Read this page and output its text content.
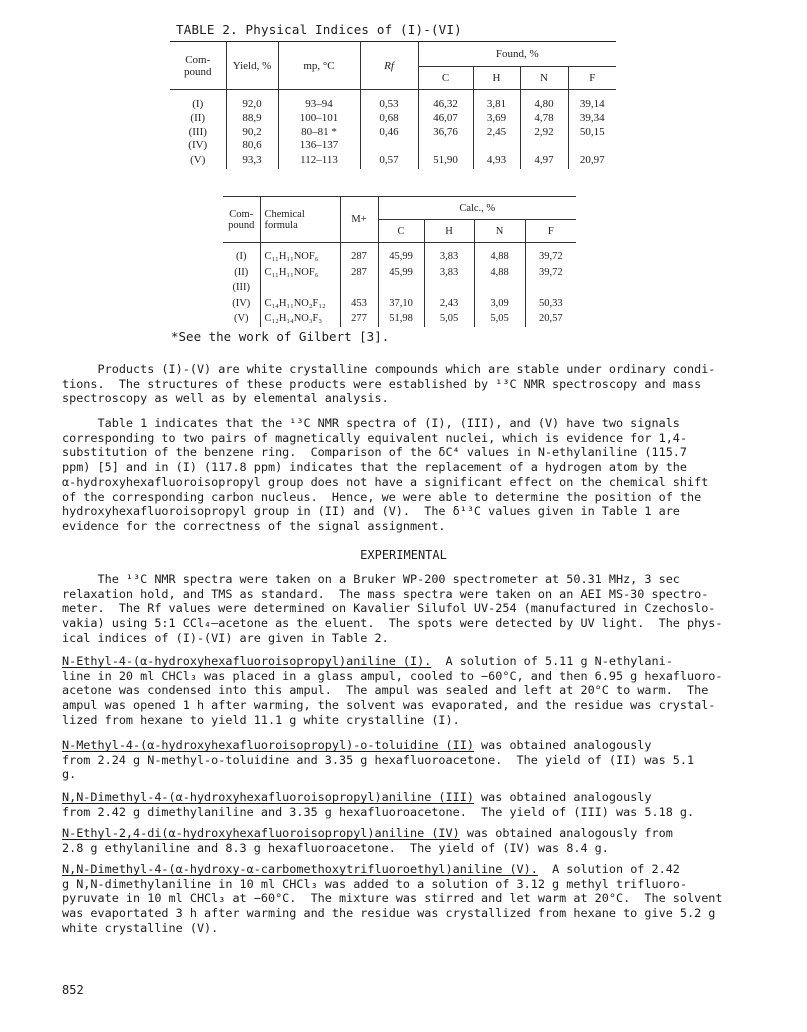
TABLE 2. Physical Indices of (I)-(VI)
Com-
pound	Yield, %	mp, °C	Rf	Found, %			
				C	H	N	F

(I)	92,0	93–94	0,53	46,32	3,81	4,80	39,14
(II)	88,9	100–101	0,68	46,07	3,69	4,78	39,34
(III)	90,2	80–81 *	0,46	36,76	2,45	2,92	50,15
(IV)	80,6	136–137					
(V)	93,3	112–113	0,57	51,90	4,93	4,97	20,97
Com-
pound	Chemical
formula	M+	Calc., %			
			C	H	N	F

(I)	C₁₁H₁₁NOF₆	287	45,99	3,83	4,88	39,72
(II)	C₁₁H₁₁NOF₆	287	45,99	3,83	4,88	39,72
(III)						
(IV)	C₁₄H₁₁NO₂F₁₂	453	37,10	2,43	3,09	50,33
(V)	C₁₂H₁₄NO₃F₃	277	51,98	5,05	5,05	20,57
*See the work of Gilbert [3].

Products (I)-(V) are white crystalline compounds which are stable under ordinary condi-
tions.  The structures of these products were established by ¹³C NMR spectroscopy and mass
spectroscopy as well as by elemental analysis.

Table 1 indicates that the ¹³C NMR spectra of (I), (III), and (V) have two signals
corresponding to two pairs of magnetically equivalent nuclei, which is evidence for 1,4-
substitution of the benzene ring.  Comparison of the δC⁴ values in N-ethylaniline (115.7
ppm) [5] and in (I) (117.8 ppm) indicates that the replacement of a hydrogen atom by the
α-hydroxyhexafluoroisopropyl group does not have a significant effect on the chemical shift
of the corresponding carbon nucleus.  Hence, we were able to determine the position of the
hydroxyhexafluoroisopropyl group in (II) and (V).  The δ¹³C values given in Table 1 are
evidence for the correctness of the signal assignment.

EXPERIMENTAL

The ¹³C NMR spectra were taken on a Bruker WP-200 spectrometer at 50.31 MHz, 3 sec
relaxation hold, and TMS as standard.  The mass spectra were taken on an AEI MS-30 spectro-
meter.  The Rf values were determined on Kavalier Silufol UV-254 (manufactured in Czechoslo-
vakia) using 5:1 CCl₄–acetone as the eluent.  The spots were detected by UV light.  The phys-
ical indices of (I)-(VI) are given in Table 2.

N-Ethyl-4-(α-hydroxyhexafluoroisopropyl)aniline (I).  A solution of 5.11 g N-ethylani-
line in 20 ml CHCl₃ was placed in a glass ampul, cooled to −60°C, and then 6.95 g hexafluoro-
acetone was condensed into this ampul.  The ampul was sealed and left at 20°C to warm.  The
ampul was opened 1 h after warming, the solvent was evaporated, and the residue was crystal-
lized from hexane to yield 11.1 g white crystalline (I).

N-Methyl-4-(α-hydroxyhexafluoroisopropyl)-o-toluidine (II) was obtained analogously
from 2.24 g N-methyl-o-toluidine and 3.35 g hexafluoroacetone.  The yield of (II) was 5.1
g.

N,N-Dimethyl-4-(α-hydroxyhexafluoroisopropyl)aniline (III) was obtained analogously
from 2.42 g dimethylaniline and 3.35 g hexafluoroacetone.  The yield of (III) was 5.18 g.

N-Ethyl-2,4-di(α-hydroxyhexafluoroisopropyl)aniline (IV) was obtained analogously from
2.8 g ethylaniline and 8.3 g hexafluoroacetone.  The yield of (IV) was 8.4 g.

N,N-Dimethyl-4-(α-hydroxy-α-carbomethoxytrifluoroethyl)aniline (V).  A solution of 2.42
g N,N-dimethylaniline in 10 ml CHCl₃ was added to a solution of 3.12 g methyl trifluoro-
pyruvate in 10 ml CHCl₃ at −60°C.  The mixture was stirred and let warm at 20°C.  The solvent
was evaportated 3 h after warming and the residue was crystallized from hexane to give 5.2 g
white crystalline (V).

852
